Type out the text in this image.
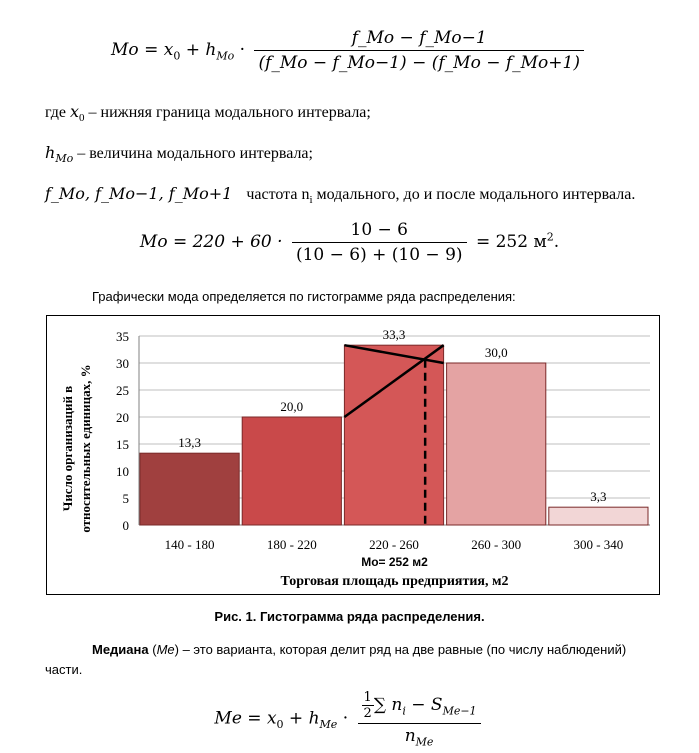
$Mo = x_0 + h_{Mo} \cdot \frac{f\_Mo - f\_Mo-1}{(f\_Mo - f\_Mo-1) - (f\_Mo - f\_Mo+1)}$
где $x_0$ – нижняя граница модального интервала;
$h_{Mo}$ – величина модального интервала;
f_Mo, f_Mo−1, f_Mo+1 частота $n_i$ модального, до и после модального интервала.
$Mo = 220 + 60 \cdot \frac{10 - 6}{(10 - 6) + (10 - 9)} = 252$ $м^2$.
Графически мода определяется по гистограмме ряда распределения:
0
5
10
15
20
25
30
35
13,3
140 - 180
20,0
180 - 220
33,3
220 - 260
30,0
260 - 300
3,3
300 - 340
Mo= 252 м2
Торговая площадь предприятия, м2
Число организаций в относительных единицах, %
Рис. 1. Гистограмма ряда распределения.
Медиана (Me) – это варианта, которая делит ряд на две равные (по числу наблюдений)
части.
$Me = x_0 + h_{Me} \cdot \frac{\frac{1}{2} \sum n_i - S_{Me-1}}{n_{Me}}$
